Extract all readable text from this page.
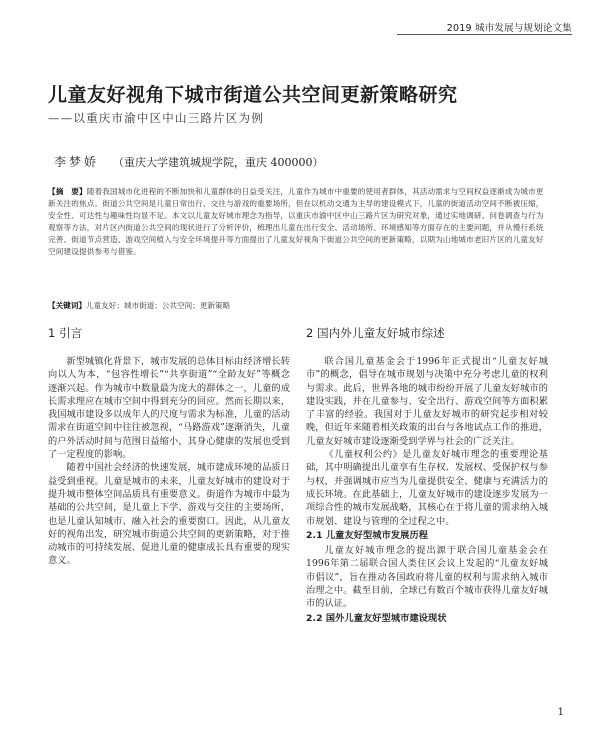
2019 城市发展与规划论文集
儿童友好视角下城市街道公共空间更新策略研究
——以重庆市渝中区中山三路片区为例
李梦娇 （重庆大学建筑城规学院，重庆 400000）
【摘　要】随着我国城市化进程的不断加快和儿童群体的日益受关注，儿童作为城市中重要的使用者群体，其活动需求与空间权益逐渐成为城市更新关注的焦点。街道公共空间是儿童日常出行、交往与游戏的重要场所，但在以机动交通为主导的建设模式下，儿童的街道活动空间不断被压缩，安全性、可达性与趣味性均显不足。本文以儿童友好城市理念为指导，以重庆市渝中区中山三路片区为研究对象，通过实地调研、问卷调查与行为观察等方法，对片区内街道公共空间的现状进行了分析评价，梳理出儿童在出行安全、活动场所、环境感知等方面存在的主要问题，并从慢行系统完善、街道节点营造、游戏空间植入与安全环境提升等方面提出了儿童友好视角下街道公共空间的更新策略，以期为山地城市老旧片区的儿童友好空间建设提供参考与借鉴。
【关键词】儿童友好；城市街道；公共空间；更新策略
1 引言

新型城镇化背景下，城市发展的总体目标由经济增长转向以人为本，“包容性增长”“共享街道”“全龄友好”等概念逐渐兴起。作为城市中数量最为庞大的群体之一，儿童的成长需求理应在城市空间中得到充分的回应。然而长期以来，我国城市建设多以成年人的尺度与需求为标准，儿童的活动需求在街道空间中往往被忽视，“马路游戏”逐渐消失，儿童的户外活动时间与范围日益缩小，其身心健康的发展也受到了一定程度的影响。

随着中国社会经济的快速发展，城市建成环境的品质日益受到重视。儿童是城市的未来，儿童友好城市的建设对于提升城市整体空间品质具有重要意义。街道作为城市中最为基础的公共空间，是儿童上下学、游戏与交往的主要场所，也是儿童认知城市、融入社会的重要窗口。因此，从儿童友好的视角出发，研究城市街道公共空间的更新策略，对于推动城市的可持续发展、促进儿童的健康成长具有重要的现实意义。

2 国内外儿童友好城市综述

联合国儿童基金会于1996年正式提出“儿童友好城市”的概念，倡导在城市规划与决策中充分考虑儿童的权利与需求。此后，世界各地的城市纷纷开展了儿童友好城市的建设实践，并在儿童参与、安全出行、游戏空间等方面积累了丰富的经验。我国对于儿童友好城市的研究起步相对较晚，但近年来随着相关政策的出台与各地试点工作的推进，儿童友好城市建设逐渐受到学界与社会的广泛关注。

《儿童权利公约》是儿童友好城市理念的重要理论基础，其中明确提出儿童享有生存权、发展权、受保护权与参与权，并强调城市应当为儿童提供安全、健康与充满活力的成长环境。在此基础上，儿童友好城市的建设逐步发展为一项综合性的城市发展战略，其核心在于将儿童的需求纳入城市规划、建设与管理的全过程之中。

2.1 儿童友好型城市发展历程

儿童友好城市理念的提出源于联合国儿童基金会在1996年第二届联合国人类住区会议上发起的“儿童友好城市倡议”，旨在推动各国政府将儿童的权利与需求纳入城市治理之中。截至目前，全球已有数百个城市获得儿童友好城市的认证。

2.2 国外儿童友好型城市建设现状
1
